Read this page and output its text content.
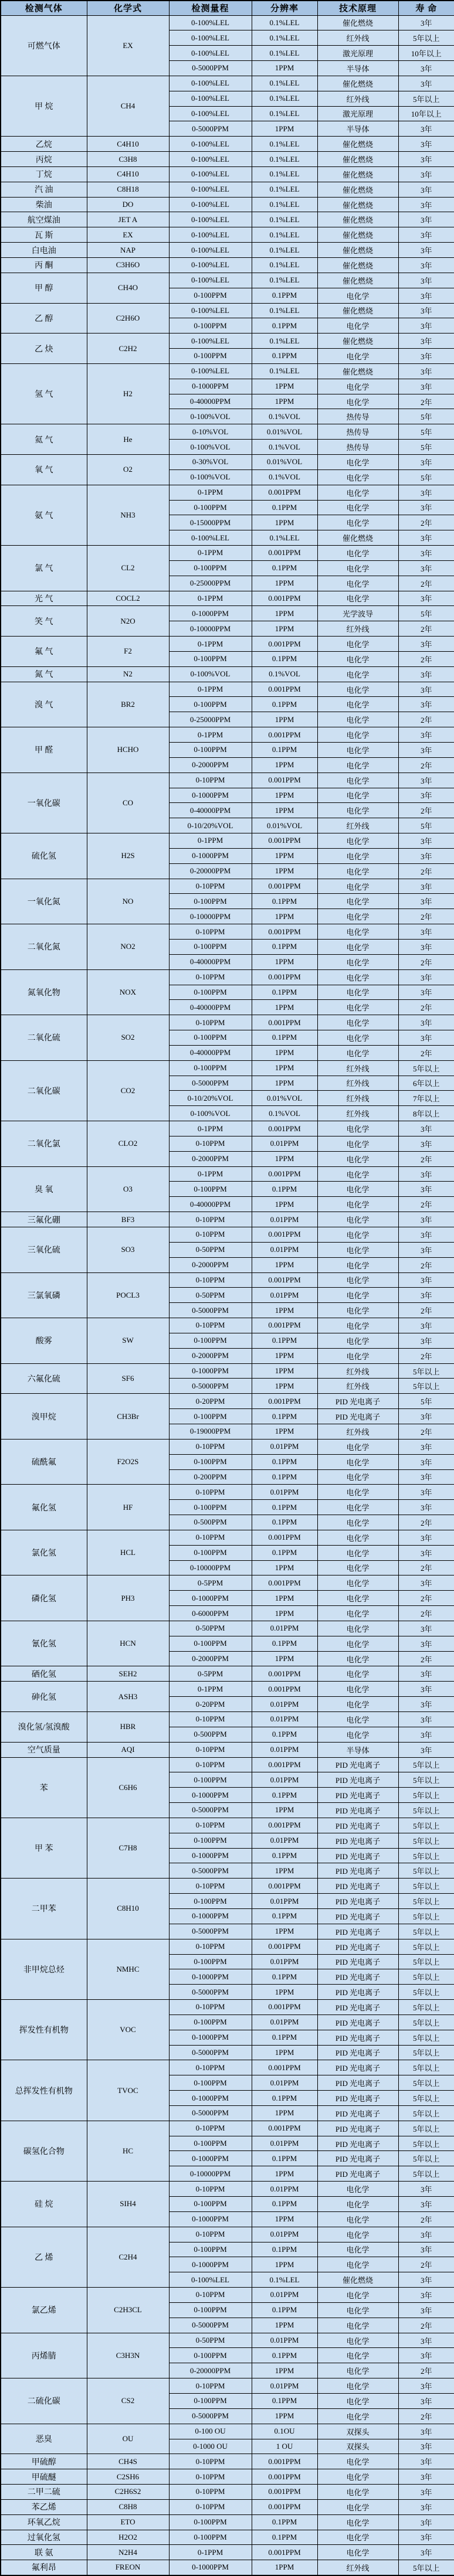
检测气体	化学式	检测量程	分辨率	技术原理	寿 命
可燃气体	EX	0-100%LEL	0.1%LEL	催化燃烧	3年
		0-100%LEL	0.1%LEL	红外线	5年以上
		0-100%LEL	0.1%LEL	激光原理	10年以上
		0-5000PPM	1PPM	半导体	3年
甲 烷	CH4	0-100%LEL	0.1%LEL	催化燃烧	3年
		0-100%LEL	0.1%LEL	红外线	5年以上
		0-100%LEL	0.1%LEL	激光原理	10年以上
		0-5000PPM	1PPM	半导体	3年
乙烷	C4H10	0-100%LEL	0.1%LEL	催化燃烧	3年
丙烷	C3H8	0-100%LEL	0.1%LEL	催化燃烧	3年
丁烷	C4H10	0-100%LEL	0.1%LEL	催化燃烧	3年
汽 油	C8H18	0-100%LEL	0.1%LEL	催化燃烧	3年
柴油	DO	0-100%LEL	0.1%LEL	催化燃烧	3年
航空煤油	JET A	0-100%LEL	0.1%LEL	催化燃烧	3年
瓦 斯	EX	0-100%LEL	0.1%LEL	催化燃烧	3年
白电油	NAP	0-100%LEL	0.1%LEL	催化燃烧	3年
丙 酮	C3H6O	0-100%LEL	0.1%LEL	催化燃烧	3年
甲 醇	CH4O	0-100%LEL	0.1%LEL	催化燃烧	3年
		0-100PPM	0.1PPM	电化学	3年
乙 醇	C2H6O	0-100%LEL	0.1%LEL	催化燃烧	3年
		0-100PPM	0.1PPM	电化学	3年
乙 炔	C2H2	0-100%LEL	0.1%LEL	催化燃烧	3年
		0-100PPM	0.1PPM	电化学	3年
氢 气	H2	0-100%LEL	0.1%LEL	催化燃烧	3年
		0-1000PPM	1PPM	电化学	3年
		0-40000PPM	1PPM	电化学	2年
		0-100%VOL	0.1%VOL	热传导	5年
氦 气	He	0-10%VOL	0.01%VOL	热传导	5年
		0-100%VOL	0.1%VOL	热传导	5年
氧 气	O2	0-30%VOL	0.01%VOL	电化学	3年
		0-100%VOL	0.1%VOL	电化学	5年
氨 气	NH3	0-1PPM	0.001PPM	电化学	3年
		0-100PPM	0.1PPM	电化学	3年
		0-15000PPM	1PPM	电化学	2年
		0-100%LEL	0.1%LEL	催化燃烧	3年
氯 气	CL2	0-1PPM	0.001PPM	电化学	3年
		0-100PPM	0.1PPM	电化学	3年
		0-25000PPM	1PPM	电化学	2年
光 气	COCL2	0-1PPM	0.001PPM	电化学	3年
笑 气	N2O	0-1000PPM	1PPM	光学波导	5年
		0-10000PPM	1PPM	红外线	2年
氟 气	F2	0-1PPM	0.001PPM	电化学	3年
		0-100PPM	0.1PPM	电化学	2年
氮 气	N2	0-100%VOL	0.1%VOL	电化学	3年
溴 气	BR2	0-1PPM	0.001PPM	电化学	3年
		0-100PPM	0.1PPM	电化学	3年
		0-25000PPM	1PPM	电化学	2年
甲 醛	HCHO	0-1PPM	0.001PPM	电化学	3年
		0-100PPM	0.1PPM	电化学	3年
		0-2000PPM	1PPM	电化学	2年
一氧化碳	CO	0-10PPM	0.001PPM	电化学	3年
		0-1000PPM	1PPM	电化学	3年
		0-40000PPM	1PPM	电化学	2年
		0-10/20%VOL	0.01%VOL	红外线	5年
硫化氢	H2S	0-1PPM	0.001PPM	电化学	3年
		0-1000PPM	1PPM	电化学	3年
		0-20000PPM	1PPM	电化学	2年
一氧化氮	NO	0-10PPM	0.001PPM	电化学	3年
		0-100PPM	0.1PPM	电化学	3年
		0-10000PPM	1PPM	电化学	2年
二氧化氮	NO2	0-10PPM	0.001PPM	电化学	3年
		0-100PPM	0.1PPM	电化学	3年
		0-40000PPM	1PPM	电化学	2年
氮氧化物	NOX	0-10PPM	0.001PPM	电化学	3年
		0-100PPM	0.1PPM	电化学	3年
		0-40000PPM	1PPM	电化学	2年
二氧化硫	SO2	0-10PPM	0.001PPM	电化学	3年
		0-100PPM	0.1PPM	电化学	3年
		0-40000PPM	1PPM	电化学	2年
二氧化碳	CO2	0-100PPM	1PPM	红外线	5年以上
		0-5000PPM	1PPM	红外线	6年以上
		0-10/20%VOL	0.01%VOL	红外线	7年以上
		0-100%VOL	0.1%VOL	红外线	8年以上
二氧化氯	CLO2	0-1PPM	0.001PPM	电化学	3年
		0-10PPM	0.01PPM	电化学	3年
		0-2000PPM	1PPM	电化学	2年
臭 氧	O3	0-1PPM	0.001PPM	电化学	3年
		0-100PPM	0.1PPM	电化学	3年
		0-40000PPM	1PPM	电化学	2年
三氟化硼	BF3	0-10PPM	0.01PPM	电化学	3年
三氧化硫	SO3	0-10PPM	0.001PPM	电化学	3年
		0-50PPM	0.01PPM	电化学	3年
		0-2000PPM	1PPM	电化学	2年
三氯氧磷	POCL3	0-10PPM	0.001PPM	电化学	3年
		0-50PPM	0.01PPM	电化学	3年
		0-5000PPM	1PPM	电化学	2年
酸雾	SW	0-10PPM	0.001PPM	电化学	3年
		0-100PPM	0.1PPM	电化学	3年
		0-2000PPM	1PPM	电化学	2年
六氟化硫	SF6	0-1000PPM	1PPM	红外线	5年以上
		0-5000PPM	1PPM	红外线	5年以上
溴甲烷	CH3Br	0-20PPM	0.001PPM	PID 光电离子	5年
		0-100PPM	0.1PPM	PID 光电离子	3年
		0-19000PPM	1PPM	红外线	2年
硫酰氟	F2O2S	0-10PPM	0.01PPM	电化学	3年
		0-100PPM	0.1PPM	电化学	3年
		0-200PPM	0.1PPM	电化学	3年
氟化氢	HF	0-10PPM	0.01PPM	电化学	3年
		0-100PPM	0.1PPM	电化学	3年
		0-500PPM	0.1PPM	电化学	2年
氯化氢	HCL	0-10PPM	0.001PPM	电化学	3年
		0-100PPM	0.1PPM	电化学	3年
		0-10000PPM	1PPM	电化学	2年
磷化氢	PH3	0-5PPM	0.001PPM	电化学	3年
		0-1000PPM	1PPM	电化学	2年
		0-6000PPM	1PPM	电化学	2年
氰化氢	HCN	0-50PPM	0.01PPM	电化学	3年
		0-100PPM	0.1PPM	电化学	3年
		0-2000PPM	1PPM	电化学	2年
硒化氢	SEH2	0-5PPM	0.001PPM	电化学	3年
砷化氢	ASH3	0-1PPM	0.001PPM	电化学	3年
		0-20PPM	0.01PPM	电化学	3年
溴化氢/氢溴酸	HBR	0-10PPM	0.01PPM	电化学	3年
		0-500PPM	0.1PPM	电化学	3年
空气质量	AQI	0-10PPM	0.01PPM	半导体	3年
苯	C6H6	0-10PPM	0.001PPM	PID 光电离子	5年以上
		0-100PPM	0.01PPM	PID 光电离子	5年以上
		0-1000PPM	0.1PPM	PID 光电离子	5年以上
		0-5000PPM	1PPM	PID 光电离子	5年以上
甲 苯	C7H8	0-10PPM	0.001PPM	PID 光电离子	5年以上
		0-100PPM	0.01PPM	PID 光电离子	5年以上
		0-1000PPM	0.1PPM	PID 光电离子	5年以上
		0-5000PPM	1PPM	PID 光电离子	5年以上
二甲苯	C8H10	0-10PPM	0.001PPM	PID 光电离子	5年以上
		0-100PPM	0.01PPM	PID 光电离子	5年以上
		0-1000PPM	0.1PPM	PID 光电离子	5年以上
		0-5000PPM	1PPM	PID 光电离子	5年以上
非甲烷总烃	NMHC	0-10PPM	0.001PPM	PID 光电离子	5年以上
		0-100PPM	0.01PPM	PID 光电离子	5年以上
		0-1000PPM	0.1PPM	PID 光电离子	5年以上
		0-5000PPM	1PPM	PID 光电离子	5年以上
挥发性有机物	VOC	0-10PPM	0.001PPM	PID 光电离子	5年以上
		0-100PPM	0.01PPM	PID 光电离子	5年以上
		0-1000PPM	0.1PPM	PID 光电离子	5年以上
		0-5000PPM	1PPM	PID 光电离子	5年以上
总挥发性有机物	TVOC	0-10PPM	0.001PPM	PID 光电离子	5年以上
		0-100PPM	0.01PPM	PID 光电离子	5年以上
		0-1000PPM	0.1PPM	PID 光电离子	5年以上
		0-5000PPM	1PPM	PID 光电离子	5年以上
碳氢化合物	HC	0-10PPM	0.001PPM	PID 光电离子	5年以上
		0-100PPM	0.01PPM	PID 光电离子	5年以上
		0-1000PPM	0.1PPM	PID 光电离子	5年以上
		0-10000PPM	1PPM	PID 光电离子	5年以上
硅 烷	SIH4	0-10PPM	0.01PPM	电化学	3年
		0-100PPM	0.1PPM	电化学	3年
		0-1000PPM	1PPM	电化学	2年
乙 烯	C2H4	0-10PPM	0.01PPM	电化学	3年
		0-100PPM	0.1PPM	电化学	3年
		0-1000PPM	1PPM	电化学	2年
		0-100%LEL	0.1%LEL	催化燃烧	3年
氯乙烯	C2H3CL	0-10PPM	0.01PPM	电化学	3年
		0-100PPM	0.1PPM	电化学	3年
		0-5000PPM	1PPM	电化学	2年
丙烯腈	C3H3N	0-50PPM	0.01PPM	电化学	3年
		0-100PPM	0.1PPM	电化学	3年
		0-20000PPM	1PPM	电化学	2年
二硫化碳	CS2	0-10PPM	0.01PPM	电化学	3年
		0-100PPM	0.1PPM	电化学	3年
		0-5000PPM	1PPM	电化学	2年
恶臭	OU	0-100 OU	0.1OU	双探头	3年
		0-1000 OU	1 OU	双探头	3年
甲硫醇	CH4S	0-10PPM	0.001PPM	电化学	3年
甲硫醚	C2SH6	0-10PPM	0.001PPM	电化学	3年
二甲二硫	C2H6S2	0-10PPM	0.001PPM	电化学	3年
苯乙烯	C8H8	0-10PPM	0.001PPM	电化学	3年
环氧乙烷	ETO	0-100PPM	0.1PPM	电化学	3年
过氧化氢	H2O2	0-100PPM	0.1PPM	电化学	3年
联 氨	N2H4	0-1PPM	0.001PPM	电化学	3年
氟利昂	FREON	0-1000PPM	1PPM	红外线	5年以上
